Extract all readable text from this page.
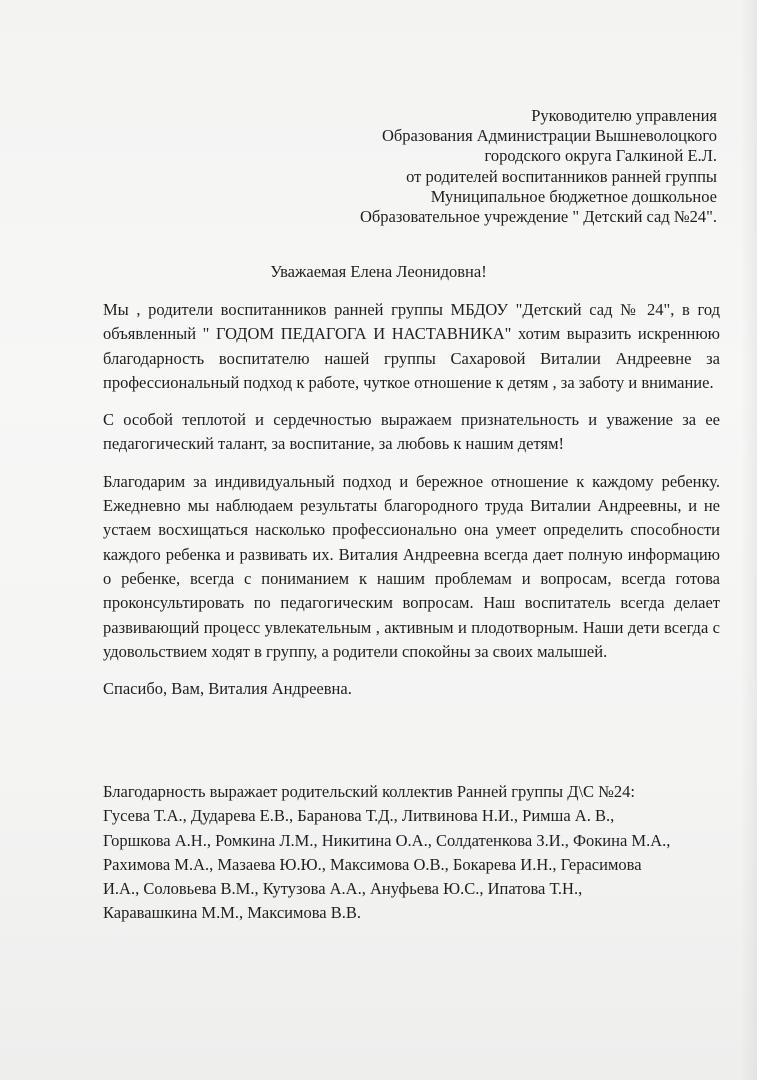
Руководителю управления
Образования Администрации Вышневолоцкого
городского округа Галкиной Е.Л.
от родителей воспитанников ранней группы
Муниципальное бюджетное дошкольное
Образовательное учреждение " Детский сад №24".
Уважаемая Елена Леонидовна!

Мы , родители воспитанников ранней группы МБДОУ "Детский сад № 24", в год объявленный " ГОДОМ ПЕДАГОГА И НАСТАВНИКА" хотим выразить искреннюю благодарность воспитателю нашей группы Сахаровой Виталии Андреевне за профессиональный подход к работе, чуткое отношение к детям , за заботу и внимание.

С особой теплотой и сердечностью выражаем признательность и уважение за ее педагогический талант, за воспитание, за любовь к нашим детям!

Благодарим за индивидуальный подход и бережное отношение к каждому ребенку. Ежедневно мы наблюдаем результаты благородного труда Виталии Андреевны, и не устаем восхищаться насколько профессионально она умеет определить способности каждого ребенка и развивать их. Виталия Андреевна всегда дает полную информацию о ребенке, всегда с пониманием к нашим проблемам и вопросам, всегда готова проконсультировать по педагогическим вопросам. Наш воспитатель всегда делает развивающий процесс увлекательным , активным и плодотворным. Наши дети всегда с удовольствием ходят в группу, а родители спокойны за своих малышей.

Спасибо, Вам, Виталия Андреевна.

Благодарность выражает родительский коллектив Ранней группы Д\С №24:
Гусева Т.А., Дударева Е.В., Баранова Т.Д., Литвинова Н.И., Римша А. В.,
Горшкова А.Н., Ромкина Л.М., Никитина О.А., Солдатенкова З.И., Фокина М.А.,
Рахимова М.А., Мазаева Ю.Ю., Максимова О.В., Бокарева И.Н., Герасимова
И.А., Соловьева В.М., Кутузова А.А., Ануфьева Ю.С., Ипатова Т.Н.,
Каравашкина М.М., Максимова В.В.
